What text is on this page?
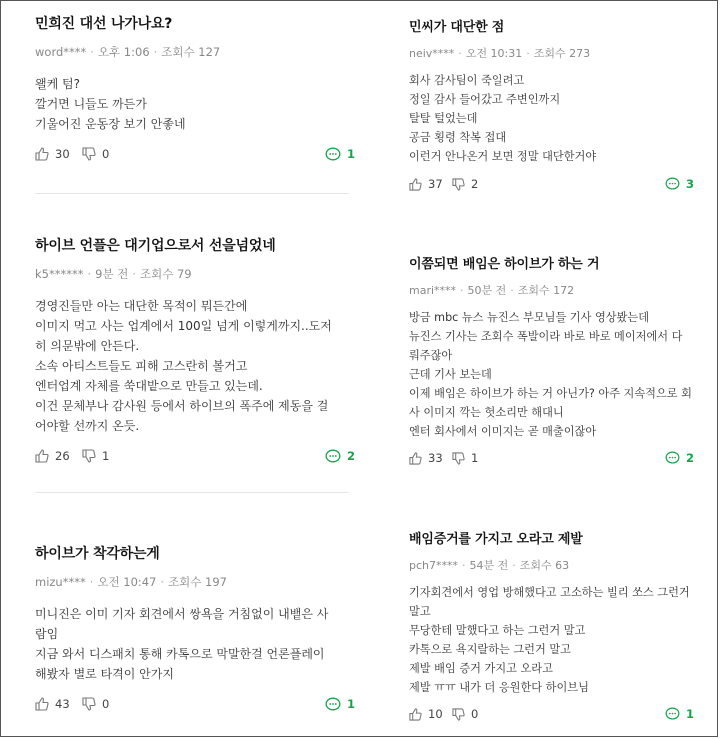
민희진 대선 나가나요?
word**** · 오후 1:06 · 조회수 127
왤케 텀?
깔거면 니들도 까든가
기울어진 운동장 보기 안좋네
30	0	1
하이브 언플은 대기업으로서 선을넘었네
k5****** · 9분 전 · 조회수 79
경영진들만 아는 대단한 목적이 뭐든간에
이미지 먹고 사는 업계에서 100일 넘게 이렇게까지..도저
히 의문밖에 안든다.
소속 아티스트들도 피해 고스란히 볼거고
엔터업계 자체를 쑥대밭으로 만들고 있는데.
이건 문체부나 감사원 등에서 하이브의 폭주에 제동을 걸
어야할 선까지 온듯.
26	1	2
하이브가 착각하는게
mizu**** · 오전 10:47 · 조회수 197
미니진은 이미 기자 회견에서 쌍욕을 거침없이 내뱉은 사
람임
지금 와서 디스패치 통해 카톡으로 막말한걸 언론플레이
해봤자 별로 타격이 안가지
43	0	1
민씨가 대단한 점
neiv**** · 오전 10:31 · 조회수 273
회사 감사팀이 죽일려고
정일 감사 들어갔고 주변인까지
탈탈 털었는데
공금 횡령 착복 접대
이런거 안나온거 보면 정말 대단한거야
37 2	3
이쯤되면 배임은 하이브가 하는 거
mari**** · 50분 전 · 조회수 172
방금 mbc 뉴스 뉴진스 부모님들 기사 영상봤는데
뉴진스 기사는 조회수 폭발이라 바로 바로 메이저에서 다
뤄주잖아
근데 기사 보는데
이제 배임은 하이브가 하는 거 아닌가? 아주 지속적으로 회
사 이미지 깍는 헛소리만 해대니
엔터 회사에서 이미지는 곧 매출이잖아
33 1	2
배임증거를 가지고 오라고 제발
pch7**** · 54분 전 · 조회수 63
기자회견에서 영업 방해했다고 고소하는 빌리 쏘스 그런거
말고
무당한테 말했다고 하는 그런거 말고
카톡으로 욕지랄하는 그런거 말고
제발 배임 증거 가지고 오라고
제발 ㅠㅠ 내가 더 응원한다 하이브님
10 0	1
